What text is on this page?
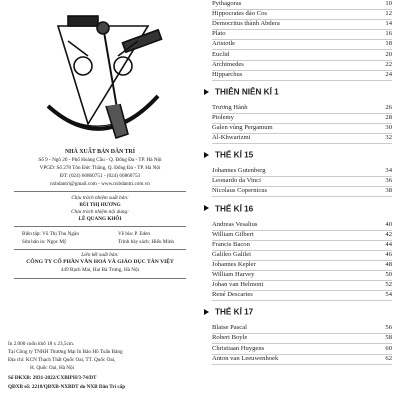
NHÀ XUẤT BẢN DÂN TRÍ
Số 9 - Ngõ 26 - Phố Hoàng Cầu - Q. Đống Đa - TP. Hà Nội
VPGD: Số 278 Tôn Đức Thắng, Q. Đống Đa - TP. Hà Nội
ĐT: (024) 66860751 - (024) 66860753
nxbdantri@gmail.com - www.nxbdantri.com.vn
Chịu trách nhiệm xuất bản:
BÙI THỊ HƯƠNG
Chịu trách nhiệm nội dung:
LÊ QUANG KHÔI
Biên tập: Vũ Thị Thu Ngân	Vẽ bìa: P. Eden
Sửa bản in: Ngọc Mỹ	Trình bày sách: Hiếu Minh
Liên kết xuất bản:
CÔNG TY CỔ PHẦN VĂN HOÁ VÀ GIÁO DỤC TÂN VIỆT
449 Bạch Mai, Hai Bà Trưng, Hà Nội
In 2.000 cuốn khổ 18 x 23,5cm.
Tại Công ty TNHH Thương Mại In Bảo Hồ Tuấn Bảng
Địa chỉ: KCN Thạch Thất Quốc Oai, TT. Quốc Oai,
H. Quốc Oai, Hà Nội
Số ĐKXB: 2831-2022/CXBIPH/3-74/DT
QĐXB số: 2218/QĐXB-NXBDT do NXB Dân Trí cấp
Pythagoras	10
Hippocrates đảo Cos	12
Democritus thành Abdera	14
Plato	16
Aristotle	18
Euclid	20
Archimedes	22
Hipparchus	24
THIÊN NIÊN KỈ 1
Trương Hành	26
Ptolemy	28
Galen vùng Pergamum	30
Al-Khwarizmi	32
THẾ KỈ 15
Johannes Gutenberg	34
Leonardo da Vinci	36
Nicolaus Copernicus	38
THẾ KỈ 16
Andreas Vesalius	40
William Gilbert	42
Francis Bacon	44
Galileo Galilei	46
Johannes Kepler	48
William Harvey	50
Johan van Helmont	52
René Descartes	54
THẾ KỈ 17
Blaise Pascal	56
Robert Boyle	58
Christiaan Huygens	60
Anton van Leeuwenhoek	62
